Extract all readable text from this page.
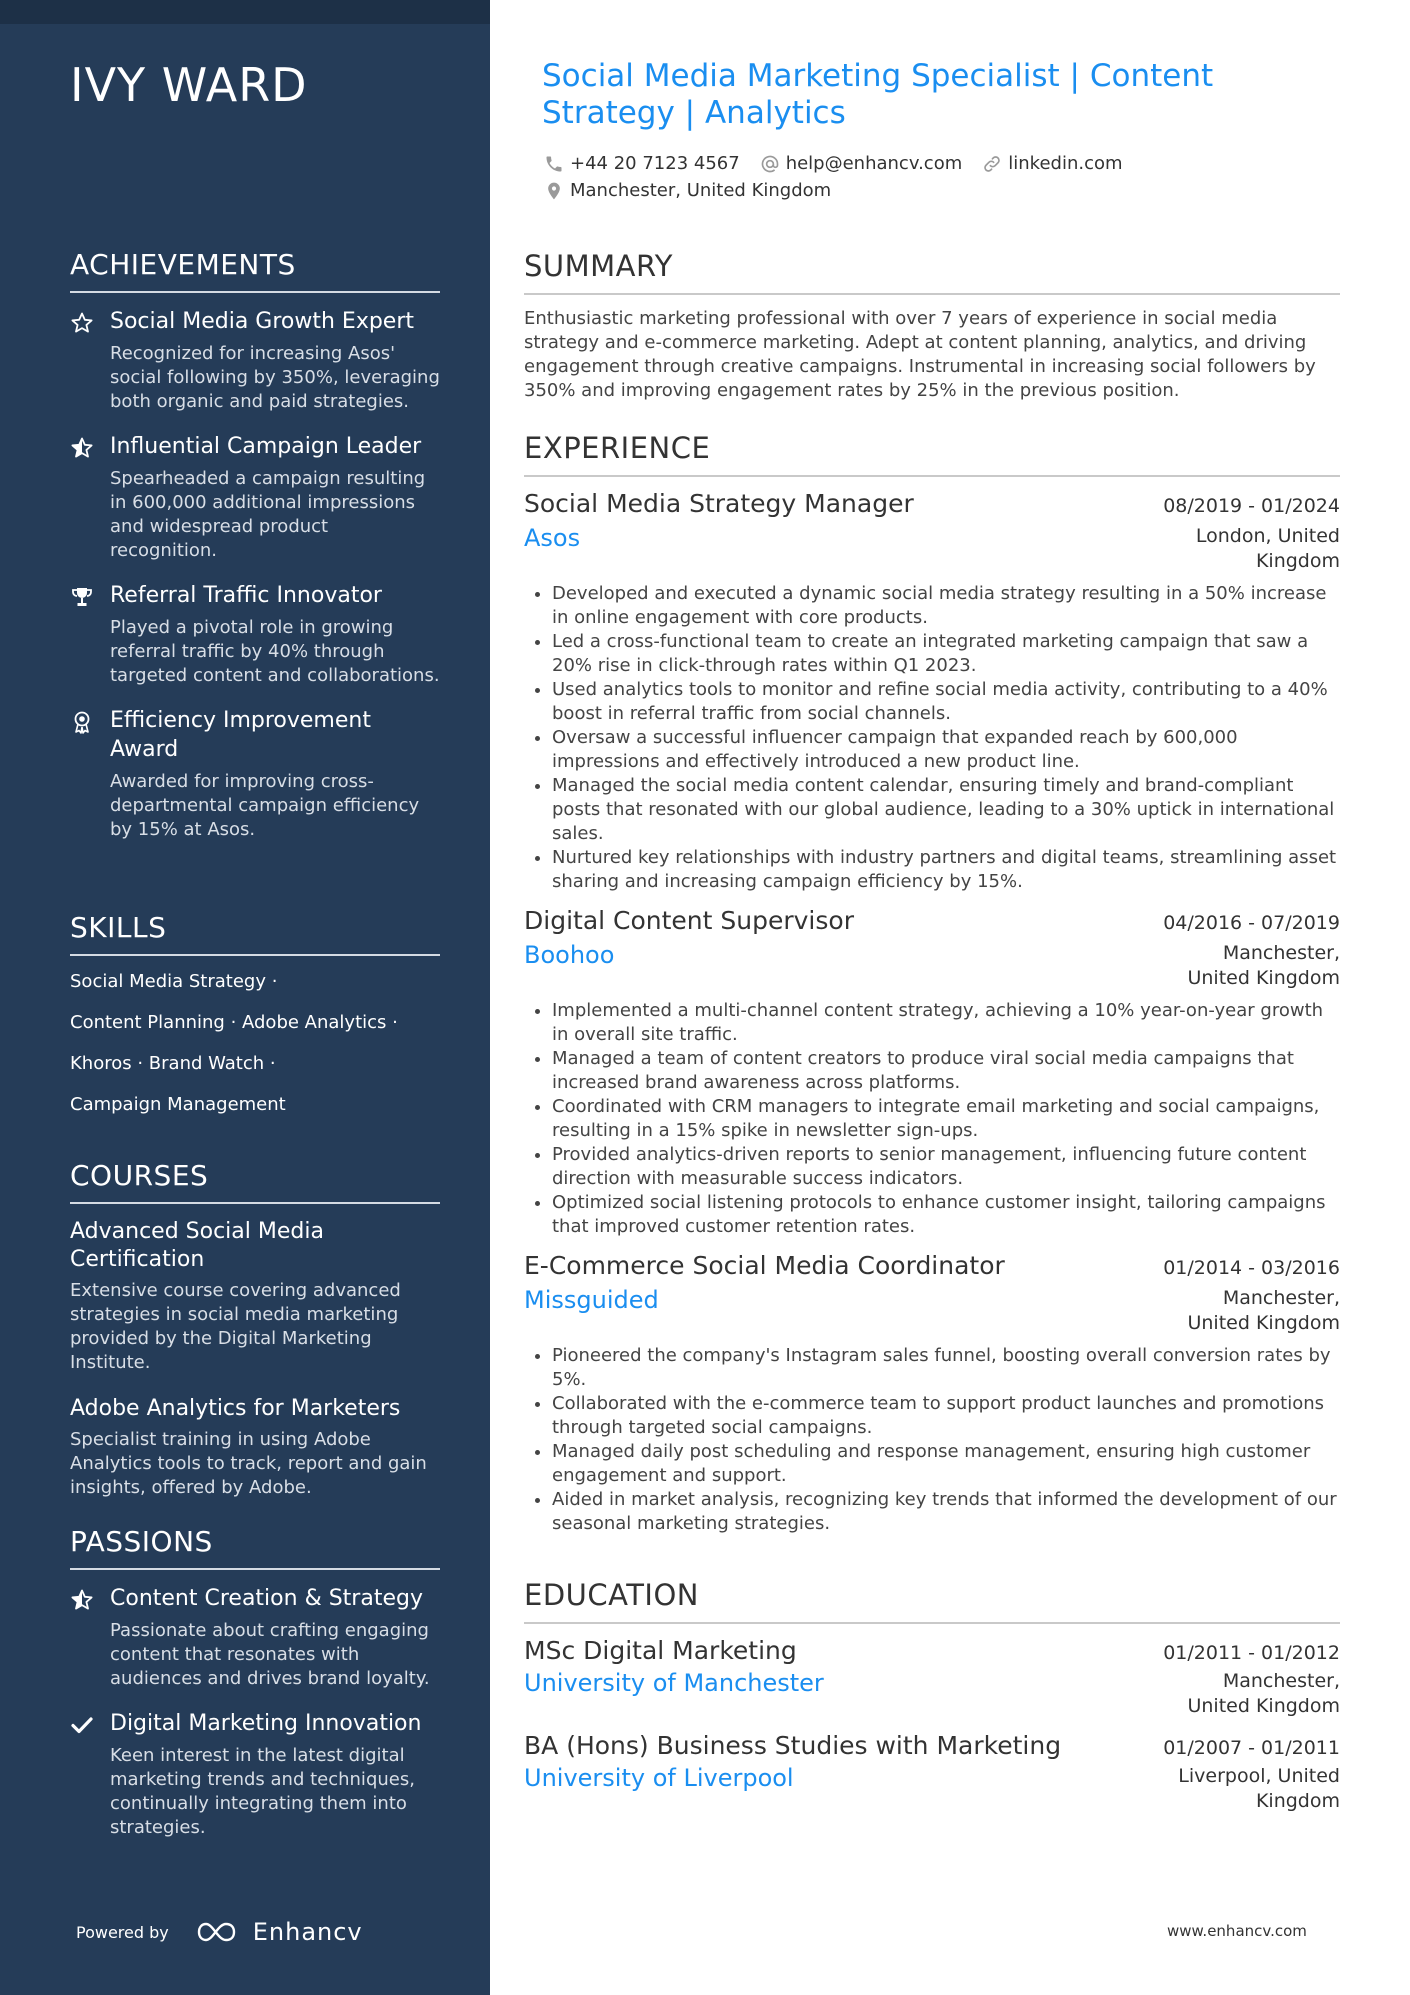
IVY WARD
ACHIEVEMENTS
Social Media Growth Expert
Recognized for increasing Asos' social following by 350%, leveraging both organic and paid strategies.
Influential Campaign Leader
Spearheaded a campaign resulting in 600,000 additional impressions and widespread product recognition.
Referral Traffic Innovator
Played a pivotal role in growing referral traffic by 40% through targeted content and collaborations.
Efficiency Improvement Award
Awarded for improving cross-departmental campaign efficiency by 15% at Asos.
SKILLS
Social Media Strategy ·
Content Planning · Adobe Analytics ·
Khoros · Brand Watch ·
Campaign Management
COURSES
Advanced Social Media Certification
Extensive course covering advanced strategies in social media marketing provided by the Digital Marketing Institute.
Adobe Analytics for Marketers
Specialist training in using Adobe Analytics tools to track, report and gain insights, offered by Adobe.
PASSIONS
Content Creation & Strategy
Passionate about crafting engaging content that resonates with audiences and drives brand loyalty.
Digital Marketing Innovation
Keen interest in the latest digital marketing trends and techniques, continually integrating them into strategies.
Powered by	Enhancv
Social Media Marketing Specialist | Content Strategy | Analytics
+44 20 7123 4567	help@enhancv.com	linkedin.com
Manchester, United Kingdom
SUMMARY
Enthusiastic marketing professional with over 7 years of experience in social media strategy and e-commerce marketing. Adept at content planning, analytics, and driving engagement through creative campaigns. Instrumental in increasing social followers by 350% and improving engagement rates by 25% in the previous position.
EXPERIENCE
Social Media Strategy Manager	08/2019 - 01/2024
Asos	London, United Kingdom
• Developed and executed a dynamic social media strategy resulting in a 50% increase in online engagement with core products.
• Led a cross-functional team to create an integrated marketing campaign that saw a 20% rise in click-through rates within Q1 2023.
• Used analytics tools to monitor and refine social media activity, contributing to a 40% boost in referral traffic from social channels.
• Oversaw a successful influencer campaign that expanded reach by 600,000 impressions and effectively introduced a new product line.
• Managed the social media content calendar, ensuring timely and brand-compliant posts that resonated with our global audience, leading to a 30% uptick in international sales.
• Nurtured key relationships with industry partners and digital teams, streamlining asset sharing and increasing campaign efficiency by 15%.
Digital Content Supervisor	04/2016 - 07/2019
Boohoo	Manchester, United Kingdom
• Implemented a multi-channel content strategy, achieving a 10% year-on-year growth in overall site traffic.
• Managed a team of content creators to produce viral social media campaigns that increased brand awareness across platforms.
• Coordinated with CRM managers to integrate email marketing and social campaigns, resulting in a 15% spike in newsletter sign-ups.
• Provided analytics-driven reports to senior management, influencing future content direction with measurable success indicators.
• Optimized social listening protocols to enhance customer insight, tailoring campaigns that improved customer retention rates.
E-Commerce Social Media Coordinator	01/2014 - 03/2016
Missguided	Manchester, United Kingdom
• Pioneered the company's Instagram sales funnel, boosting overall conversion rates by 5%.
• Collaborated with the e-commerce team to support product launches and promotions through targeted social campaigns.
• Managed daily post scheduling and response management, ensuring high customer engagement and support.
• Aided in market analysis, recognizing key trends that informed the development of our seasonal marketing strategies.
EDUCATION
MSc Digital Marketing	01/2011 - 01/2012
University of Manchester	Manchester, United Kingdom
BA (Hons) Business Studies with Marketing	01/2007 - 01/2011
University of Liverpool	Liverpool, United Kingdom
www.enhancv.com
